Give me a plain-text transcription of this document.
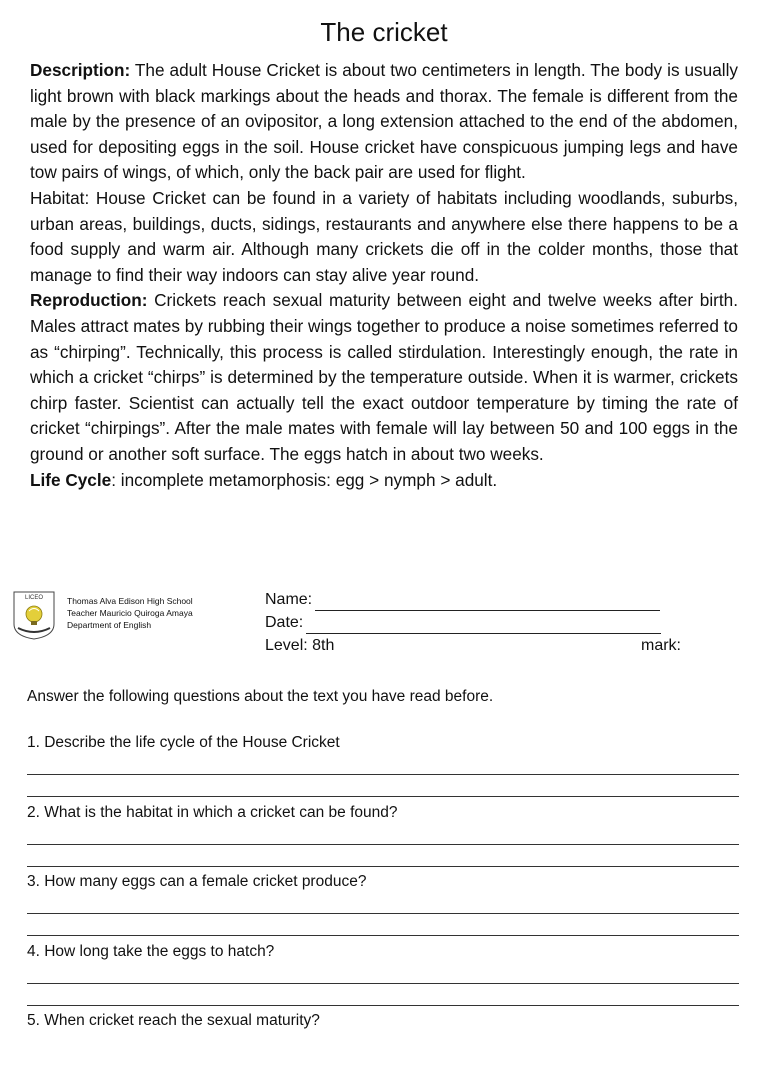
The cricket

Description: The adult House Cricket is about two centimeters in length. The body is usually light brown with black markings about the heads and thorax. The female is different from the male by the presence of an ovipositor, a long extension attached to the end of the abdomen, used for depositing eggs in the soil. House cricket have conspicuous jumping legs and have tow pairs of wings, of which, only the back pair are used for flight.

Habitat: House Cricket can be found in a variety of habitats including woodlands, suburbs, urban areas, buildings, ducts, sidings, restaurants and anywhere else there happens to be a food supply and warm air. Although many crickets die off in the colder months, those that manage to find their way indoors can stay alive year round.

Reproduction: Crickets reach sexual maturity between eight and twelve weeks after birth. Males attract mates by rubbing their wings together to produce a noise sometimes referred to as “chirping”. Technically, this process is called stirdulation. Interestingly enough, the rate in which a cricket “chirps” is determined by the temperature outside. When it is warmer, crickets chirp faster. Scientist can actually tell the exact outdoor temperature by timing the rate of cricket “chirpings”. After the male mates with female will lay between 50 and 100 eggs in the ground or another soft surface. The eggs hatch in about two weeks.

Life Cycle: incomplete metamorphosis: egg > nymph > adult.

LICEO	Thomas Alva Edison High School
Teacher Mauricio Quiroga Amaya
Department of English
Name:
Date:
Level: 8th	mark:
Answer the following questions about the text you have read before.
1. Describe the life cycle of the House Cricket
2. What is the habitat in which a cricket can be found?
3. How many eggs can a female cricket produce?
4. How long take the eggs to hatch?
5. When cricket reach the sexual maturity?
